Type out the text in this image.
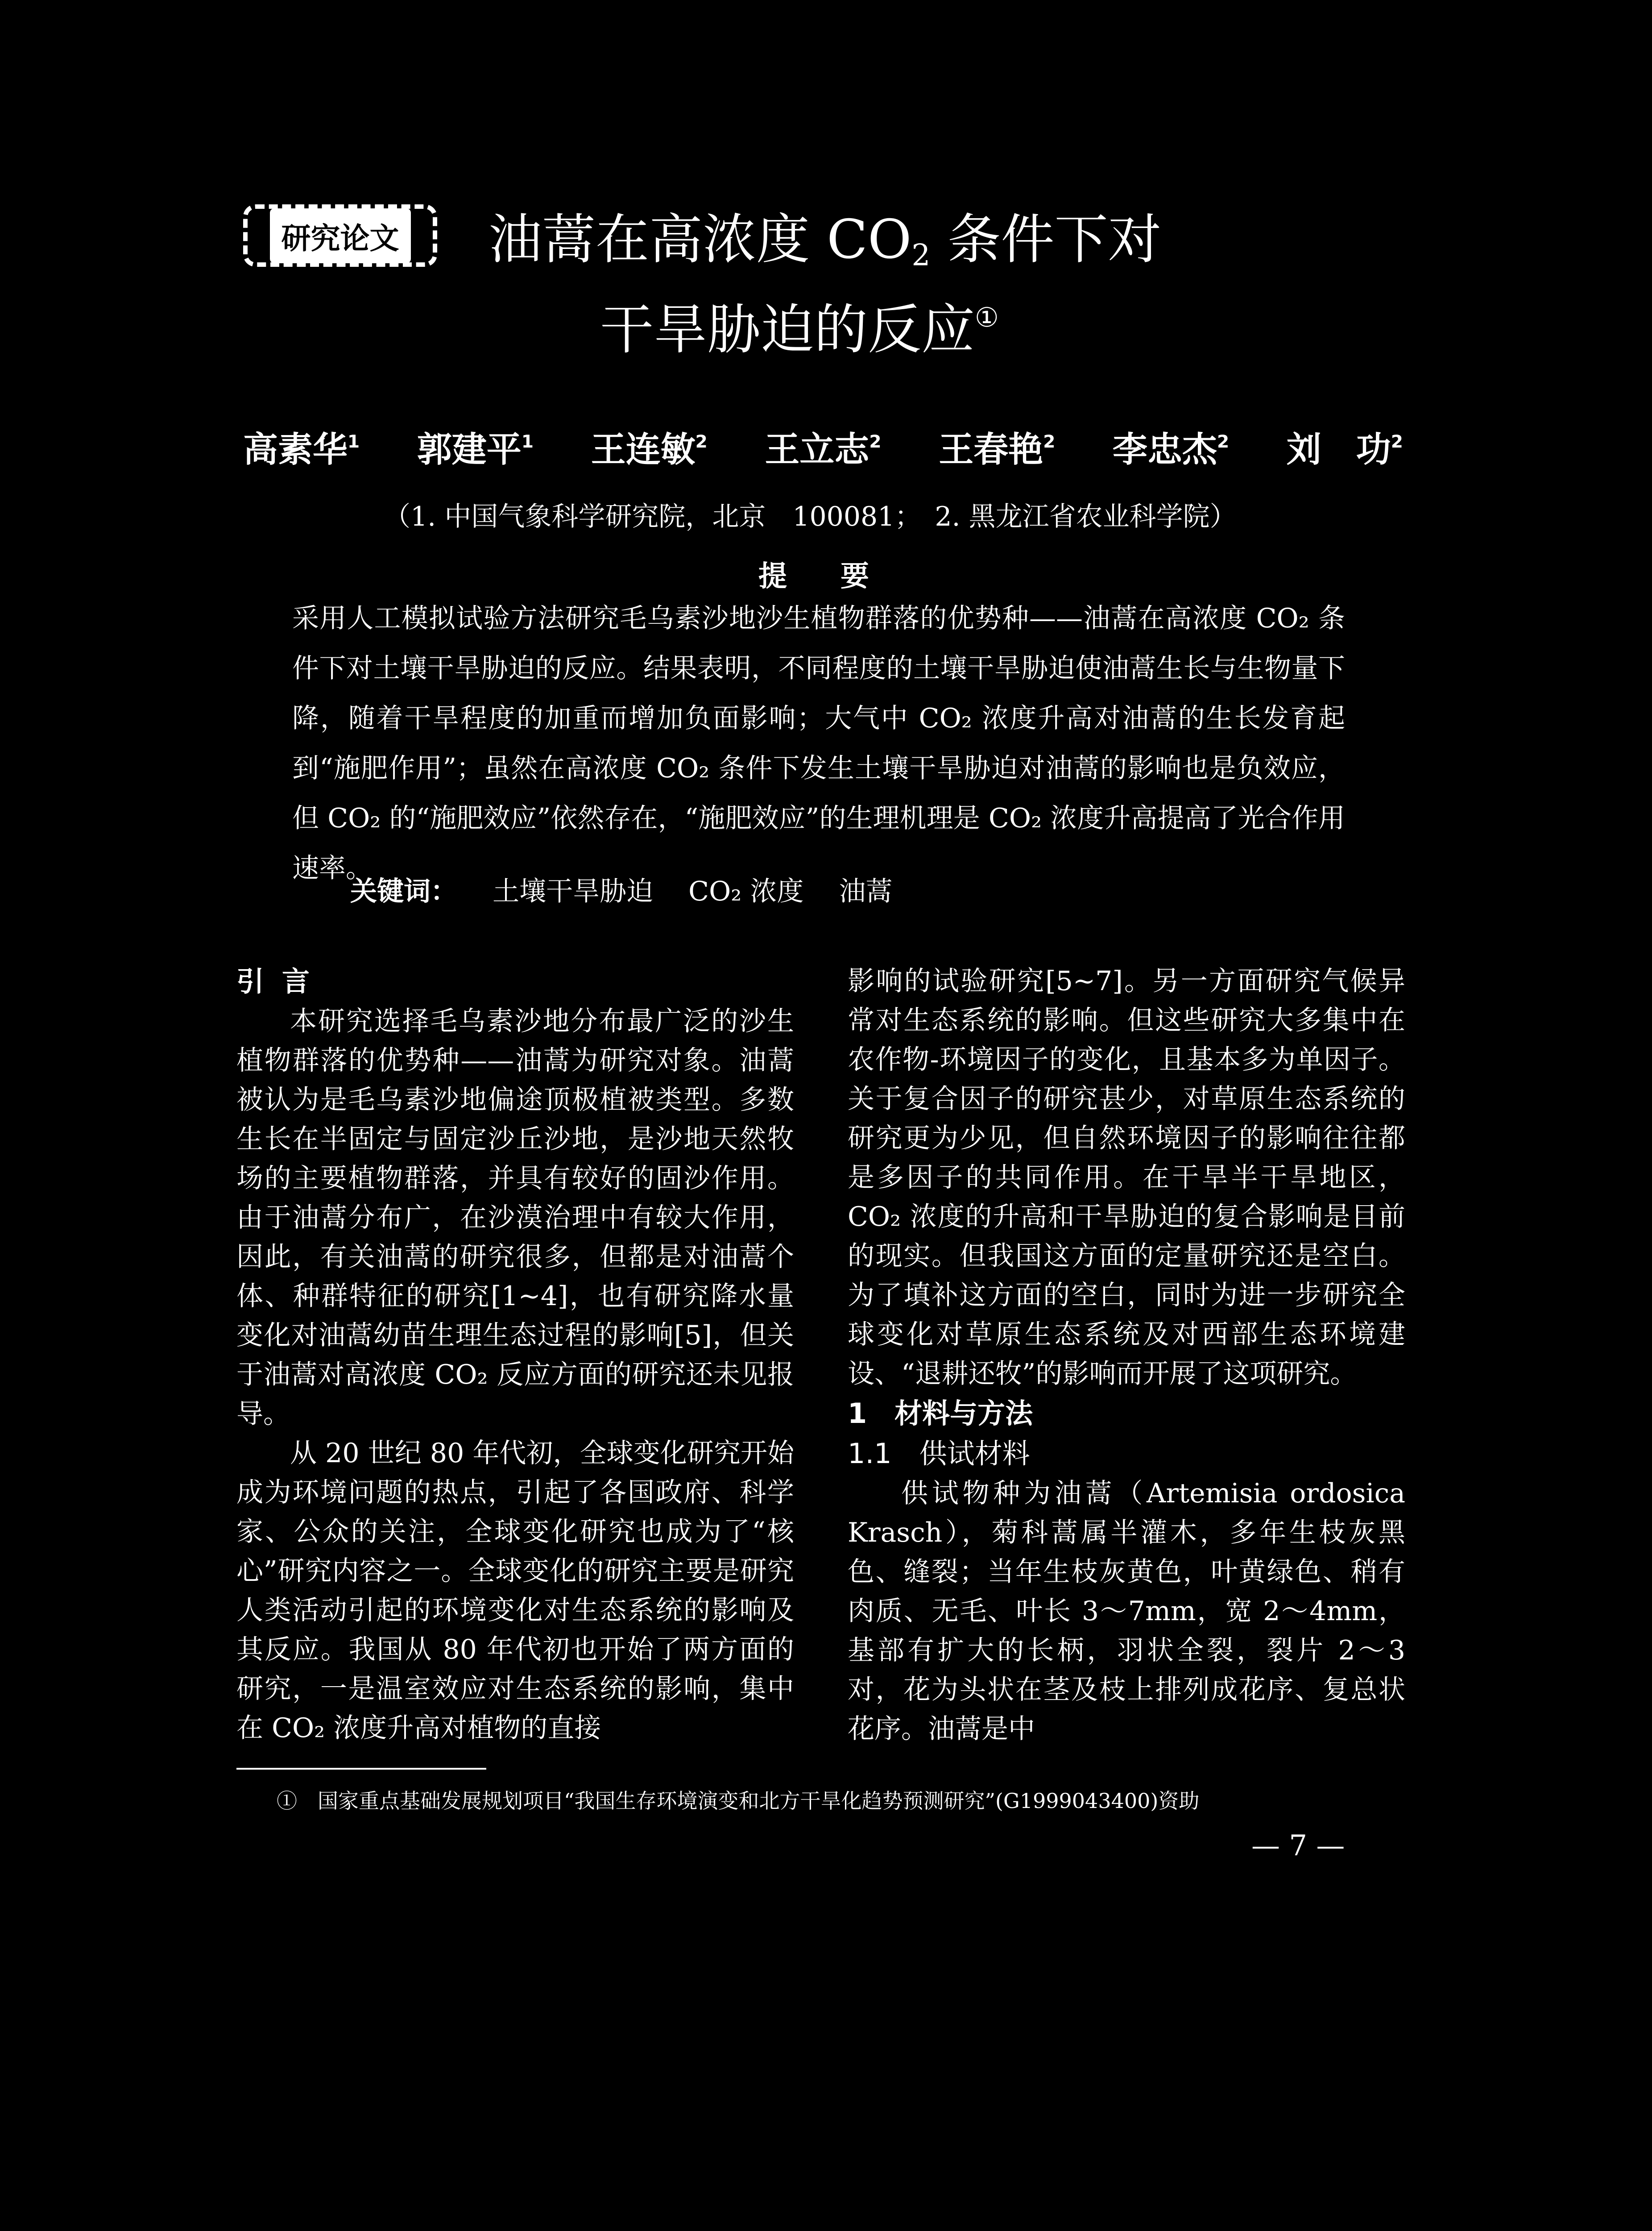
研究论文 油蒿在高浓度 $CO_2$ 条件下对
干旱胁迫的反应①
高素华$^1$ 郭建平$^1$ 王连敏$^2$ 王立志$^2$ 王春艳$^2$ 李忠杰$^2$ 刘　功$^2$
（1. 中国气象科学研究院，北京　100081；　2. 黑龙江省农业科学院）
提要
采用人工模拟试验方法研究毛乌素沙地沙生植物群落的优势种——油蒿在高浓度 CO₂ 条件下对土壤干旱胁迫的反应。结果表明，不同程度的土壤干旱胁迫使油蒿生长与生物量下降，随着干旱程度的加重而增加负面影响；大气中 CO₂ 浓度升高对油蒿的生长发育起到“施肥作用”；虽然在高浓度 CO₂ 条件下发生土壤干旱胁迫对油蒿的影响也是负效应，但 CO₂ 的“施肥效应”依然存在，“施肥效应”的生理机理是 CO₂ 浓度升高提高了光合作用速率。
关键词： 土壤干旱胁迫 CO₂ 浓度 油蒿
引言

本研究选择毛乌素沙地分布最广泛的沙生植物群落的优势种——油蒿为研究对象。油蒿被认为是毛乌素沙地偏途顶极植被类型。多数生长在半固定与固定沙丘沙地，是沙地天然牧场的主要植物群落，并具有较好的固沙作用。由于油蒿分布广，在沙漠治理中有较大作用，因此，有关油蒿的研究很多，但都是对油蒿个体、种群特征的研究[1~4]，也有研究降水量变化对油蒿幼苗生理生态过程的影响[5]，但关于油蒿对高浓度 CO₂ 反应方面的研究还未见报导。

从 20 世纪 80 年代初，全球变化研究开始成为环境问题的热点，引起了各国政府、科学家、公众的关注，全球变化研究也成为了“核心”研究内容之一。全球变化的研究主要是研究人类活动引起的环境变化对生态系统的影响及其反应。我国从 80 年代初也开始了两方面的研究，一是温室效应对生态系统的影响，集中在 CO₂ 浓度升高对植物的直接

影响的试验研究[5~7]。另一方面研究气候异常对生态系统的影响。但这些研究大多集中在农作物-环境因子的变化，且基本多为单因子。关于复合因子的研究甚少，对草原生态系统的研究更为少见，但自然环境因子的影响往往都是多因子的共同作用。在干旱半干旱地区，CO₂ 浓度的升高和干旱胁迫的复合影响是目前的现实。但我国这方面的定量研究还是空白。为了填补这方面的空白，同时为进一步研究全球变化对草原生态系统及对西部生态环境建设、“退耕还牧”的影响而开展了这项研究。

1　材料与方法
1.1　供试材料

供试物种为油蒿（Artemisia ordosica Krasch），菊科蒿属半灌木，多年生枝灰黑色、缝裂；当年生枝灰黄色，叶黄绿色、稍有肉质、无毛、叶长 3～7mm，宽 2～4mm，基部有扩大的长柄，羽状全裂，裂片 2～3 对，花为头状在茎及枝上排列成花序、复总状花序。油蒿是中

①　国家重点基础发展规划项目“我国生存环境演变和北方干旱化趋势预测研究”(G1999043400)资助
— 7 —
